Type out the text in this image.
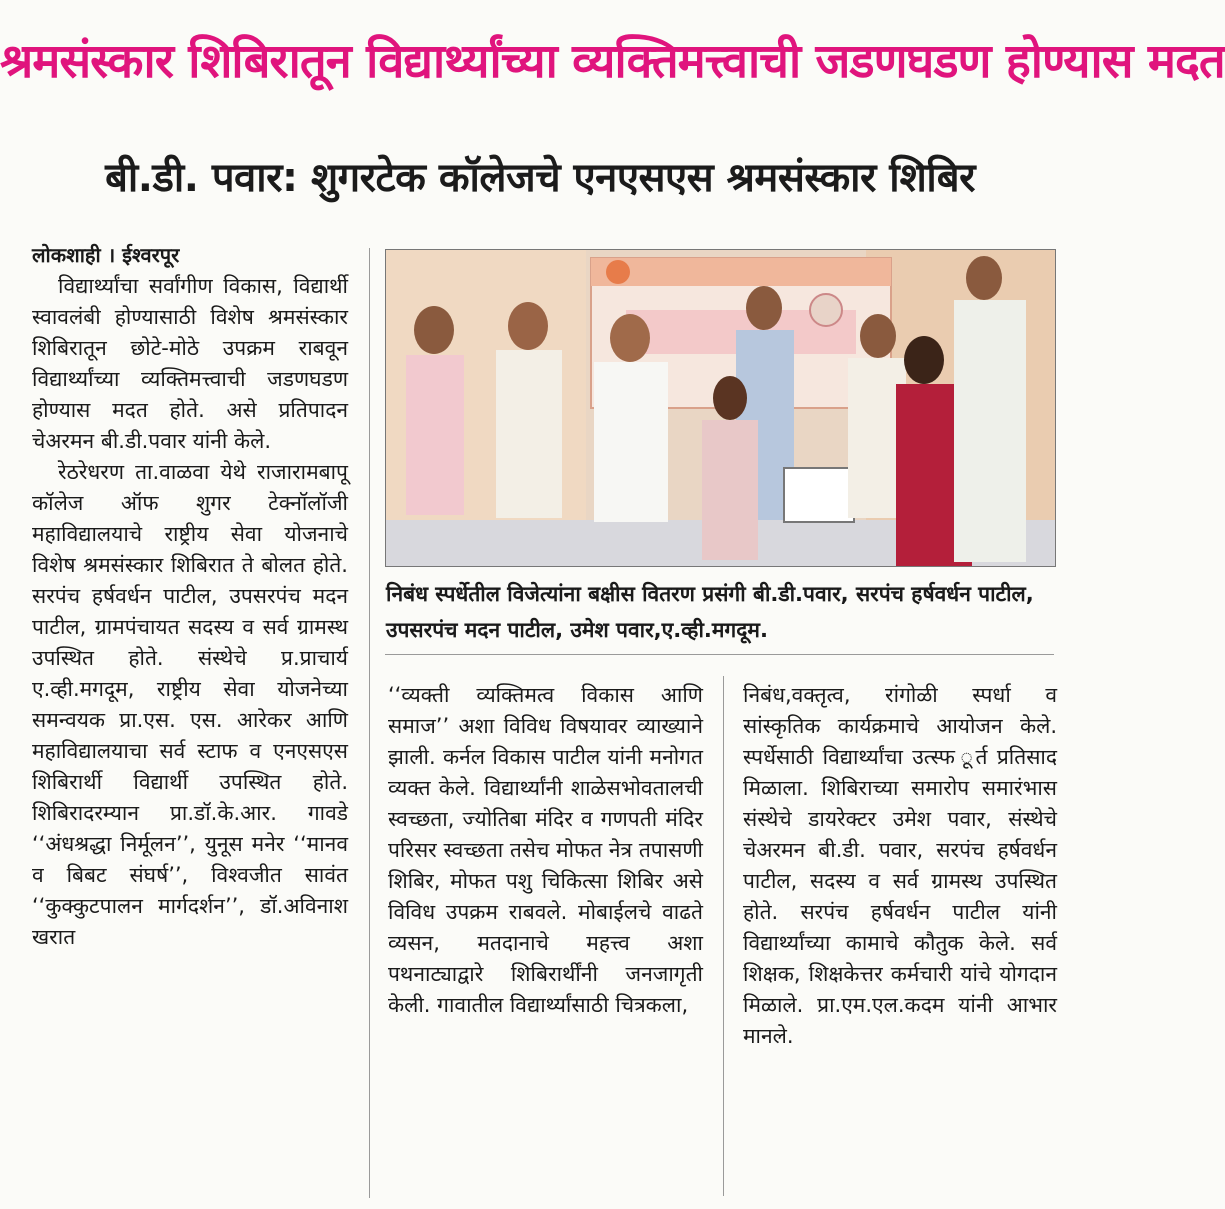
श्रमसंस्कार शिबिरातून विद्यार्थ्यांच्या व्यक्तिमत्त्वाची जडणघडण होण्यास मदत
बी.डी. पवार: शुगरटेक कॉलेजचे एनएसएस श्रमसंस्कार शिबिर
लोकशाही । ईश्वरपूर

विद्यार्थ्यांचा सर्वांगीण विकास, विद्यार्थी स्वावलंबी होण्यासाठी विशेष श्रमसंस्कार शिबिरातून छोटे-मोठे उपक्रम राबवून विद्यार्थ्यांच्या व्यक्तिमत्त्वाची जडणघडण होण्यास मदत होते. असे प्रतिपादन चेअरमन बी.डी.पवार यांनी केले.

रेठरेधरण ता.वाळवा येथे राजारामबापू कॉलेज ऑफ शुगर टेक्नॉलॉजी महाविद्यालयाचे राष्ट्रीय सेवा योजनाचे विशेष श्रमसंस्कार शिबिरात ते बोलत होते. सरपंच हर्षवर्धन पाटील, उपसरपंच मदन पाटील, ग्रामपंचायत सदस्य व सर्व ग्रामस्थ उपस्थित होते. संस्थेचे प्र.प्राचार्य ए.व्ही.मगदूम, राष्ट्रीय सेवा योजनेच्या समन्वयक प्रा.एस. एस. आरेकर आणि महाविद्यालयाचा सर्व स्टाफ व एनएसएस शिबिरार्थी विद्यार्थी उपस्थित होते. शिबिरादरम्यान प्रा.डॉ.के.आर. गावडे ‘‘अंधश्रद्धा निर्मूलन’’, युनूस मनेर ‘‘मानव व बिबट संघर्ष’’, विश्वजीत सावंत ‘‘कुक्कुटपालन मार्गदर्शन’’, डॉ.अविनाश खरात

निबंध स्पर्धेतील विजेत्यांना बक्षीस वितरण प्रसंगी बी.डी.पवार, सरपंच हर्षवर्धन पाटील, उपसरपंच मदन पाटील, उमेश पवार,ए.व्ही.मगदूम.

‘‘व्यक्ती व्यक्तिमत्व विकास आणि समाज’’ अशा विविध विषयावर व्याख्याने झाली. कर्नल विकास पाटील यांनी मनोगत व्यक्त केले. विद्यार्थ्यांनी शाळेसभोवतालची स्वच्छता, ज्योतिबा मंदिर व गणपती मंदिर परिसर स्वच्छता तसेच मोफत नेत्र तपासणी शिबिर, मोफत पशु चिकित्सा शिबिर असे विविध उपक्रम राबवले. मोबाईलचे वाढते व्यसन, मतदानाचे महत्त्व अशा पथनाट्याद्वारे शिबिरार्थींनी जनजागृती केली. गावातील विद्यार्थ्यांसाठी चित्रकला,

निबंध,वक्तृत्व, रांगोळी स्पर्धा व सांस्कृतिक कार्यक्रमाचे आयोजन केले. स्पर्धेसाठी विद्यार्थ्यांचा उत्स्फ ूर्त प्रतिसाद मिळाला. शिबिराच्या समारोप समारंभास संस्थेचे डायरेक्टर उमेश पवार, संस्थेचे चेअरमन बी.डी. पवार, सरपंच हर्षवर्धन पाटील, सदस्य व सर्व ग्रामस्थ उपस्थित होते. सरपंच हर्षवर्धन पाटील यांनी विद्यार्थ्यांच्या कामाचे कौतुक केले. सर्व शिक्षक, शिक्षकेत्तर कर्मचारी यांचे योगदान मिळाले. प्रा.एम.एल.कदम यांनी आभार मानले.
